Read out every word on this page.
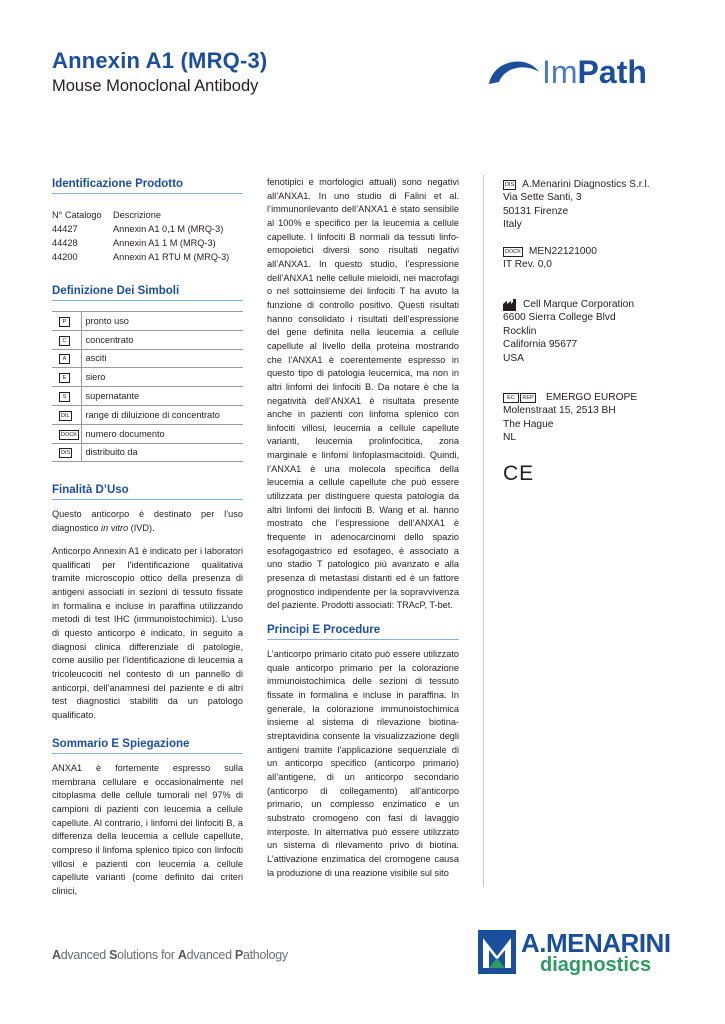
Annexin A1 (MRQ-3)
Mouse Monoclonal Antibody	ImPath
Identificazione Prodotto
N° Catalogo	Descrizione
44427	Annexin A1 0,1 M (MRQ-3)
44428	Annexin A1 1 M (MRQ-3)
44200	Annexin A1 RTU M (MRQ-3)
Definizione Dei Simboli
P	pronto uso
C	concentrato
A	asciti
E	siero
S	supernatante
DIL	range di diluizione di concentrato
DOCK	numero documento
DIS	distribuito da
Finalità D’Uso
Questo anticorpo è destinato per l’uso diagnostico in vitro (IVD).
Anticorpo Annexin A1 è indicato per i laboratori qualificati per l’identificazione qualitativa tramite microscopio ottico della presenza di antigeni associati in sezioni di tessuto fissate in formalina e incluse in paraffina utilizzando metodi di test IHC (immunoistochimici). L’uso di questo anticorpo è indicato, in seguito a diagnosi clinica differenziale di patologie, come ausilio per l’identificazione di leucemia a tricoleucociti nel contesto di un pannello di anticorpi, dell’anamnesi del paziente e di altri test diagnostici stabiliti da un patologo qualificato.
Sommario E Spiegazione
ANXA1 è fortemente espresso sulla membrana cellulare e occasionalmente nel citoplasma delle cellule tumorali nel 97% di campioni di pazienti con leucemia a cellule capellute. Al contrario, i linfomi dei linfociti B, a differenza della leucemia a cellule capellute, compreso il linfoma splenico tipico con linfociti villosi e pazienti con leucemia a cellule capellute varianti (come definito dai criteri clinici,
fenotipici e morfologici attuali) sono negativi all’ANXA1. In uno studio di Falini et al. l’immunorilevanto dell’ANXA1 è stato sensibile al 100% e specifico per la leucemia a cellule capellute. I linfociti B normali da tessuti linfo-emopoietici diversi sono risultati negativi all’ANXA1. In questo studio, l’espressione dell’ANXA1 nelle cellule mieloidi, nei macrofagi o nel sottoinsieme dei linfociti T ha avuto la funzione di controllo positivo. Questi risultati hanno consolidato i risultati dell’espressione del gene definita nella leucemia a cellule capellute al livello della proteina mostrando che l’ANXA1 è coerentemente espresso in questo tipo di patologia leucemica, ma non in altri linfomi dei linfociti B. Da notare è che la negatività dell’ANXA1 è risultata presente anche in pazienti con linfoma splenico con linfociti villosi, leucemia a cellule capellute varianti, leucemia prolinfocitica, zona marginale e linfomi linfoplasmacitoidi. Quindi, l’ANXA1 è una molecola specifica della leucemia a cellule capellute che può essere utilizzata per distinguere questa patologia da altri linfomi dei linfociti B. Wang et al. hanno mostrato che l’espressione dell’ANXA1 è frequente in adenocarcinomi dello spazio esofagogastrico ed esofageo, è associato a uno stadio T patologico più avanzato e alla presenza di metastasi distanti ed è un fattore prognostico indipendente per la sopravvivenza del paziente. Prodotti associati: TRAcP, T-bet.
Principi E Procedure
L’anticorpo primario citato può essere utilizzato quale anticorpo primario per la colorazione immunoistochimica delle sezioni di tessuto fissate in formalina e incluse in paraffina. In generale, la colorazione immunoistochimica insieme al sistema di rilevazione biotina-streptavidina consente la visualizzazione degli antigeni tramite l’applicazione sequenziale di un anticorpo specifico (anticorpo primario) all’antigene, di un anticorpo secondario (anticorpo di collegamento) all’anticorpo primario, un complesso enzimatico e un substrato cromogeno con fasi di lavaggio interposte. In alternativa può essere utilizzato un sistema di rilevamento privo di biotina. L’attivazione enzimatica del cromogene causa la produzione di una reazione visibile sul sito
DIS A.Menarini Diagnostics S.r.l.
Via Sette Santi, 3
50131 Firenze
Italy
DOCK MEN22121000
IT Rev. 0,0
Cell Marque Corporation
6600 Sierra College Blvd
Rocklin
California 95677
USA
EC	REP EMERGO EUROPE
Molenstraat 15, 2513 BH
The Hague
NL
CE
Advanced Solutions for Advanced Pathology	A.MENARINI
diagnostics
